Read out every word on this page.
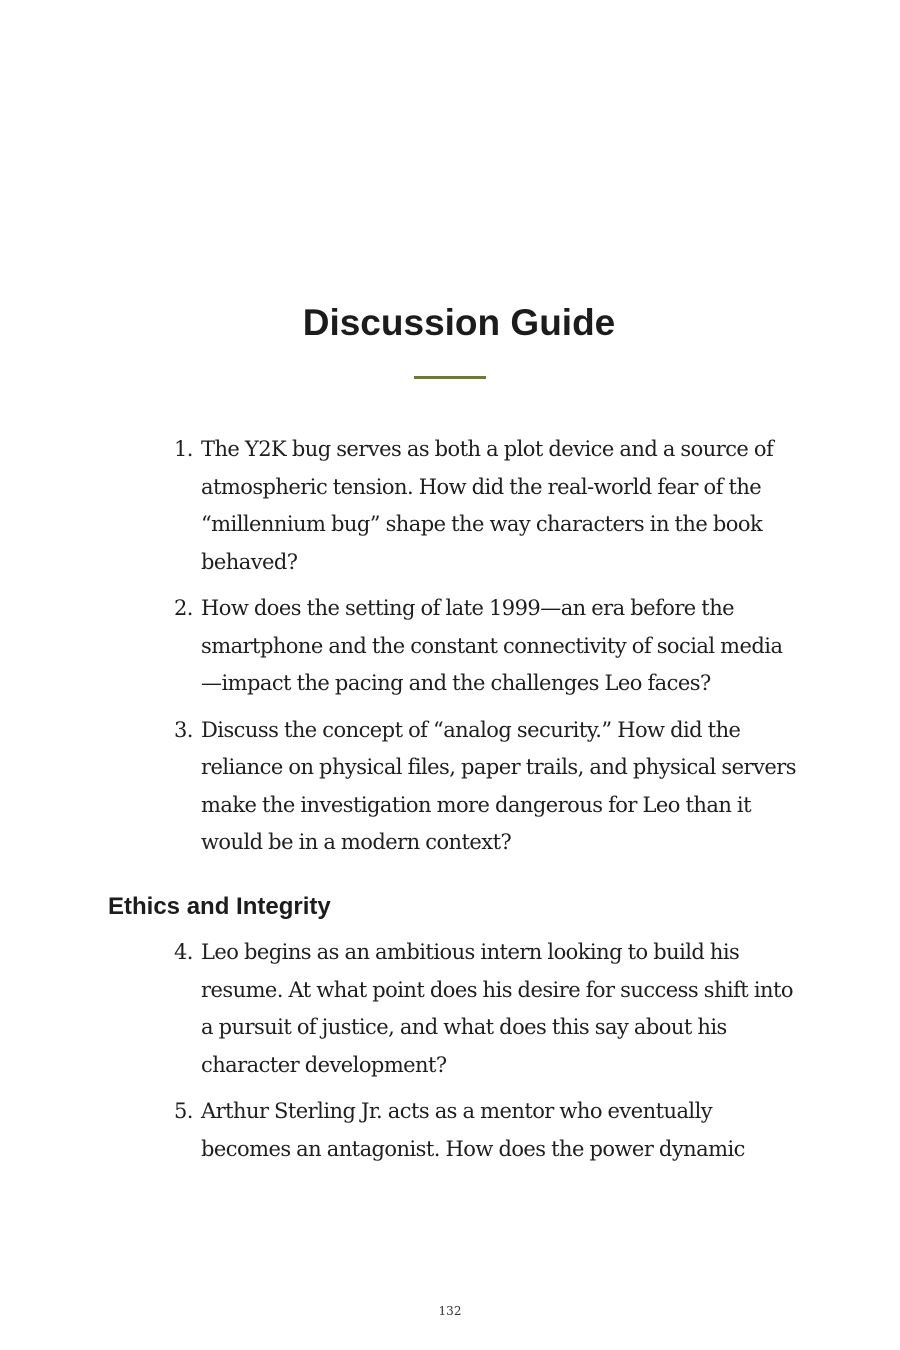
Discussion Guide
1. The Y2K bug serves as both a plot device and a source of atmospheric tension. How did the real-world fear of the “millennium bug” shape the way characters in the book behaved?
2. How does the setting of late 1999—an era before the smartphone and the constant connectivity of social media—impact the pacing and the challenges Leo faces?
3. Discuss the concept of “analog security.” How did the reliance on physical files, paper trails, and physical servers make the investigation more dangerous for Leo than it would be in a modern context?
Ethics and Integrity
4. Leo begins as an ambitious intern looking to build his resume. At what point does his desire for success shift into a pursuit of justice, and what does this say about his character development?
5. Arthur Sterling Jr. acts as a mentor who eventually becomes an antagonist. How does the power dynamic
132
